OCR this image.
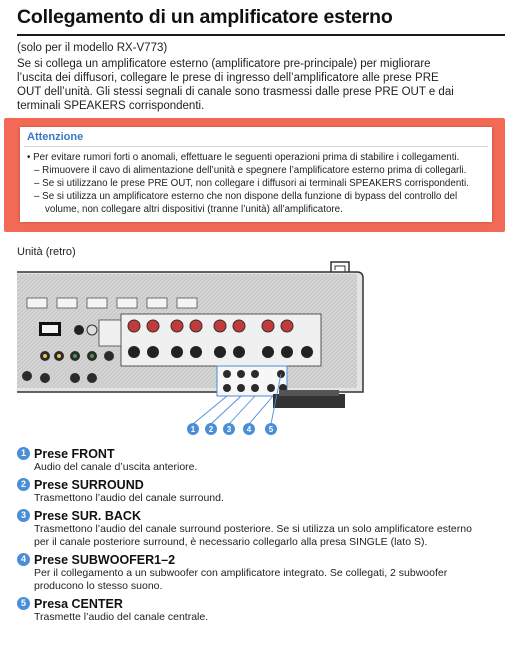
Collegamento di un amplificatore esterno
(solo per il modello RX-V773)
Se si collega un amplificatore esterno (amplificatore pre-principale) per migliorare
l’uscita dei diffusori, collegare le prese di ingresso dell’amplificatore alle prese PRE
OUT dell’unità. Gli stessi segnali di canale sono trasmessi dalle prese PRE OUT e dai
terminali SPEAKERS corrispondenti.
Attenzione
• Per evitare rumori forti o anomali, effettuare le seguenti operazioni prima di stabilire i collegamenti.
– Rimuovere il cavo di alimentazione dell’unità e spegnere l’amplificatore esterno prima di collegarli.
– Se si utilizzano le prese PRE OUT, non collegare i diffusori ai terminali SPEAKERS corrispondenti.
– Se si utilizza un amplificatore esterno che non dispone della funzione di bypass del controllo del
volume, non collegare altri dispositivi (tranne l’unità) all’amplificatore.
Unità (retro)
1 2 3 4 5
1 Prese FRONT
Audio del canale d’uscita anteriore.
2 Prese SURROUND
Trasmettono l’audio del canale surround.
3 Prese SUR. BACK
Trasmettono l’audio del canale surround posteriore. Se si utilizza un solo amplificatore esterno
per il canale posteriore surround, è necessario collegarlo alla presa SINGLE (lato S).
4 Prese SUBWOOFER1–2
Per il collegamento a un subwoofer con amplificatore integrato. Se collegati, 2 subwoofer
producono lo stesso suono.
5 Presa CENTER
Trasmette l’audio del canale centrale.
